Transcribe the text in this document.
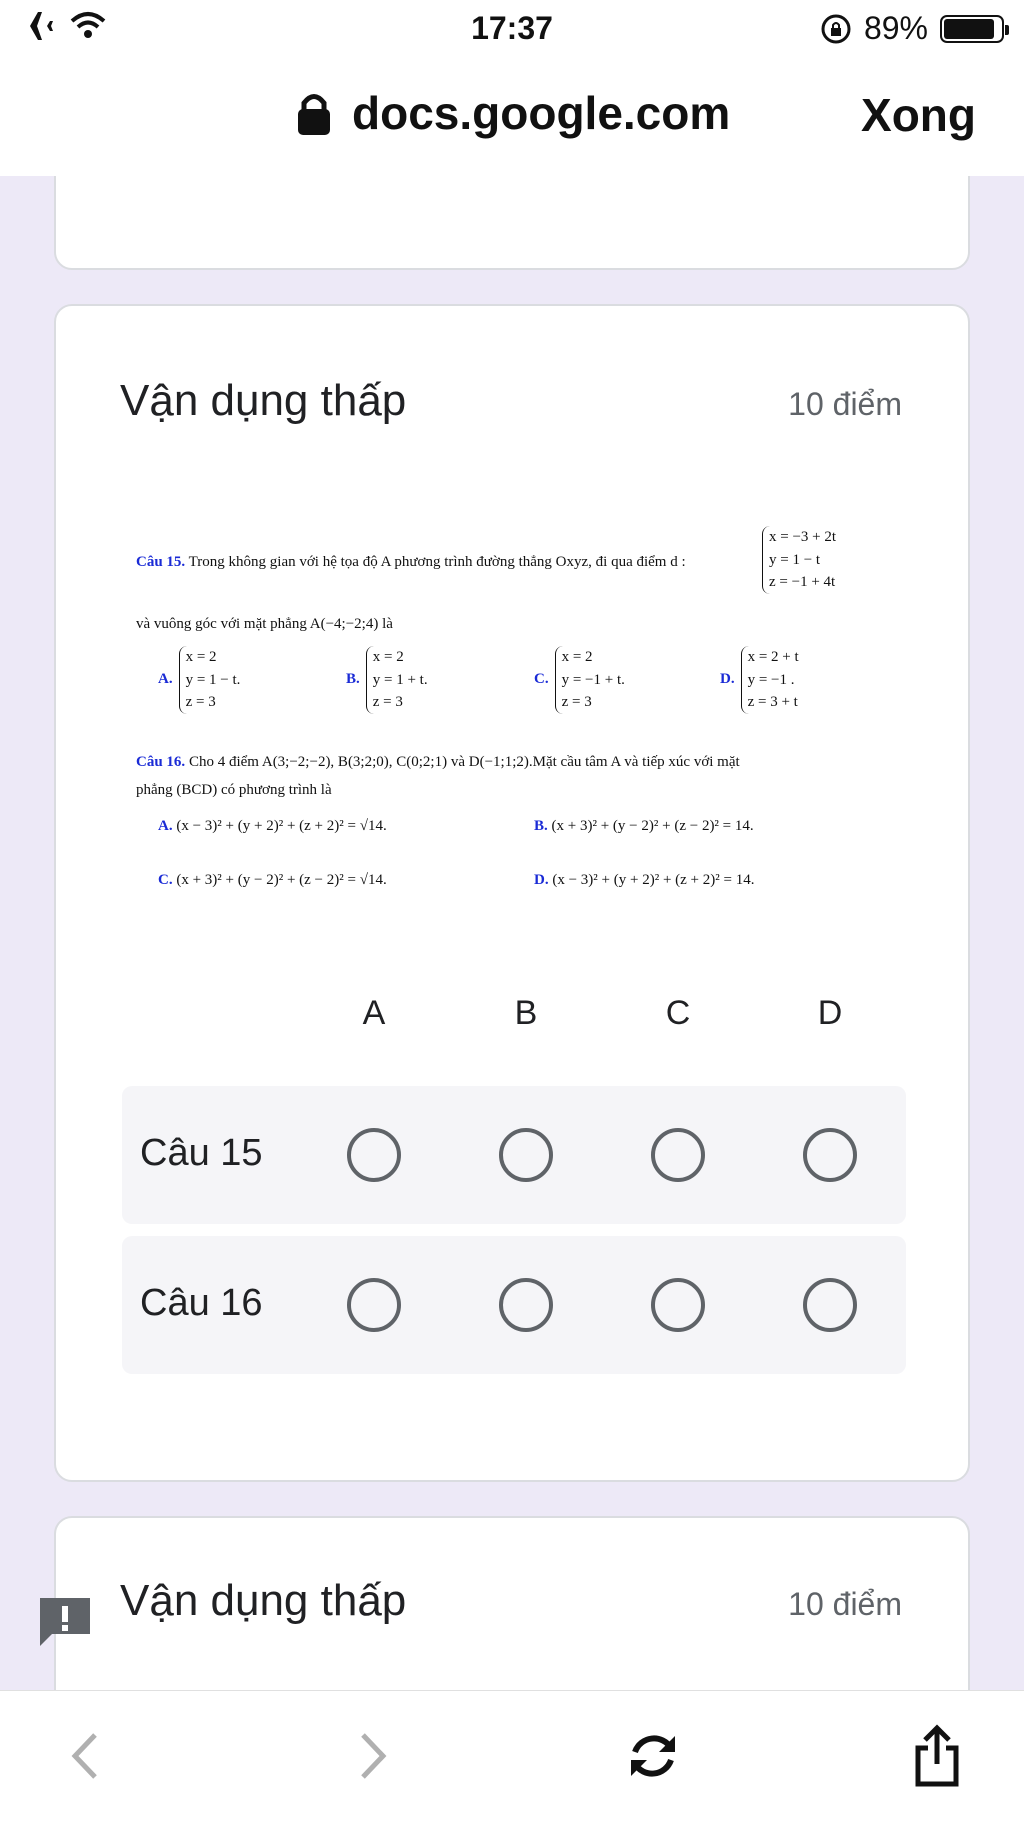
17:37	89%
docs.google.com	Xong
Vận dụng thấp	10 điểm
Câu 15. Trong không gian với hệ tọa độ A phương trình đường thẳng Oxyz, đi qua điểm d :
x = −3 + 2t
y = 1 − t
z = −1 + 4t
và vuông góc với mặt phẳng A(−4;−2;4) là
A.
x = 2
y = 1 − t.
z = 3
B.
x = 2
y = 1 + t.
z = 3
C.
x = 2
y = −1 + t.
z = 3
D.
x = 2 + t
y = −1 .
z = 3 + t
Câu 16. Cho 4 điểm A(3;−2;−2), B(3;2;0), C(0;2;1) và D(−1;1;2).Mặt cầu tâm A và tiếp xúc với mặt
phẳng (BCD) có phương trình là
A. (x − 3)² + (y + 2)² + (z + 2)² = √14.	B. (x + 3)² + (y − 2)² + (z − 2)² = 14.
C. (x + 3)² + (y − 2)² + (z − 2)² = √14.	D. (x − 3)² + (y + 2)² + (z + 2)² = 14.
A	B	C	D
Câu 15
Câu 16
Vận dụng thấp	10 điểm
